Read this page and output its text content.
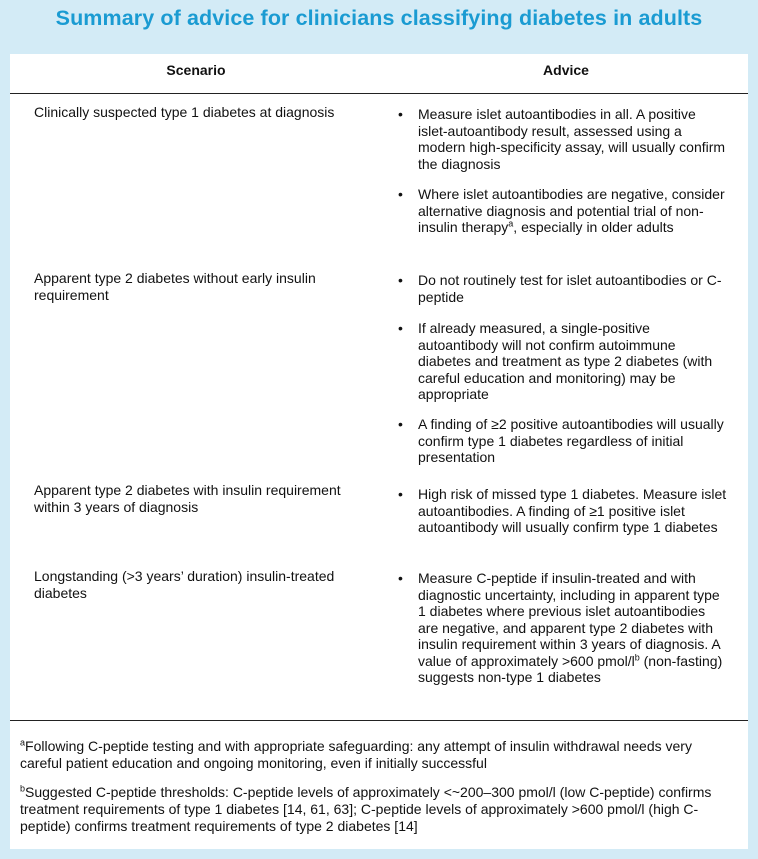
Summary of advice for clinicians classifying diabetes in adults
Scenario	Advice
Clinically suspected type 1 diabetes at diagnosis	• Measure islet autoantibodies in all. A positive islet-autoantibody result, assessed using a modern high-specificity assay, will usually confirm the diagnosis
• Where islet autoantibodies are negative, consider alternative diagnosis and potential trial of non-insulin therapy$^a$, especially in older adults
Apparent type 2 diabetes without early insulin requirement
• Do not routinely test for islet autoantibodies or C-peptide
• If already measured, a single-positive autoantibody will not confirm autoimmune diabetes and treatment as type 2 diabetes (with careful education and monitoring) may be appropriate
• A finding of ≥2 positive autoantibodies will usually confirm type 1 diabetes regardless of initial presentation
Apparent type 2 diabetes with insulin requirement within 3 years of diagnosis
• High risk of missed type 1 diabetes. Measure islet autoantibodies. A finding of ≥1 positive islet autoantibody will usually confirm type 1 diabetes
Longstanding (>3 years’ duration) insulin-treated diabetes
• Measure C-peptide if insulin-treated and with diagnostic uncertainty, including in apparent type 1 diabetes where previous islet autoantibodies are negative, and apparent type 2 diabetes with insulin requirement within 3 years of diagnosis. A value of approximately >600 pmol/$l^b$ (non-fasting) suggests non-type 1 diabetes
$^a$Following C-peptide testing and with appropriate safeguarding: any attempt of insulin withdrawal needs very careful patient education and ongoing monitoring, even if initially successful
$^b$Suggested C-peptide thresholds: C-peptide levels of approximately <~200–300 pmol/l (low C-peptide) confirms treatment requirements of type 1 diabetes [14, 61, 63]; C-peptide levels of approximately >600 pmol/l (high C-peptide) confirms treatment requirements of type 2 diabetes [14]
